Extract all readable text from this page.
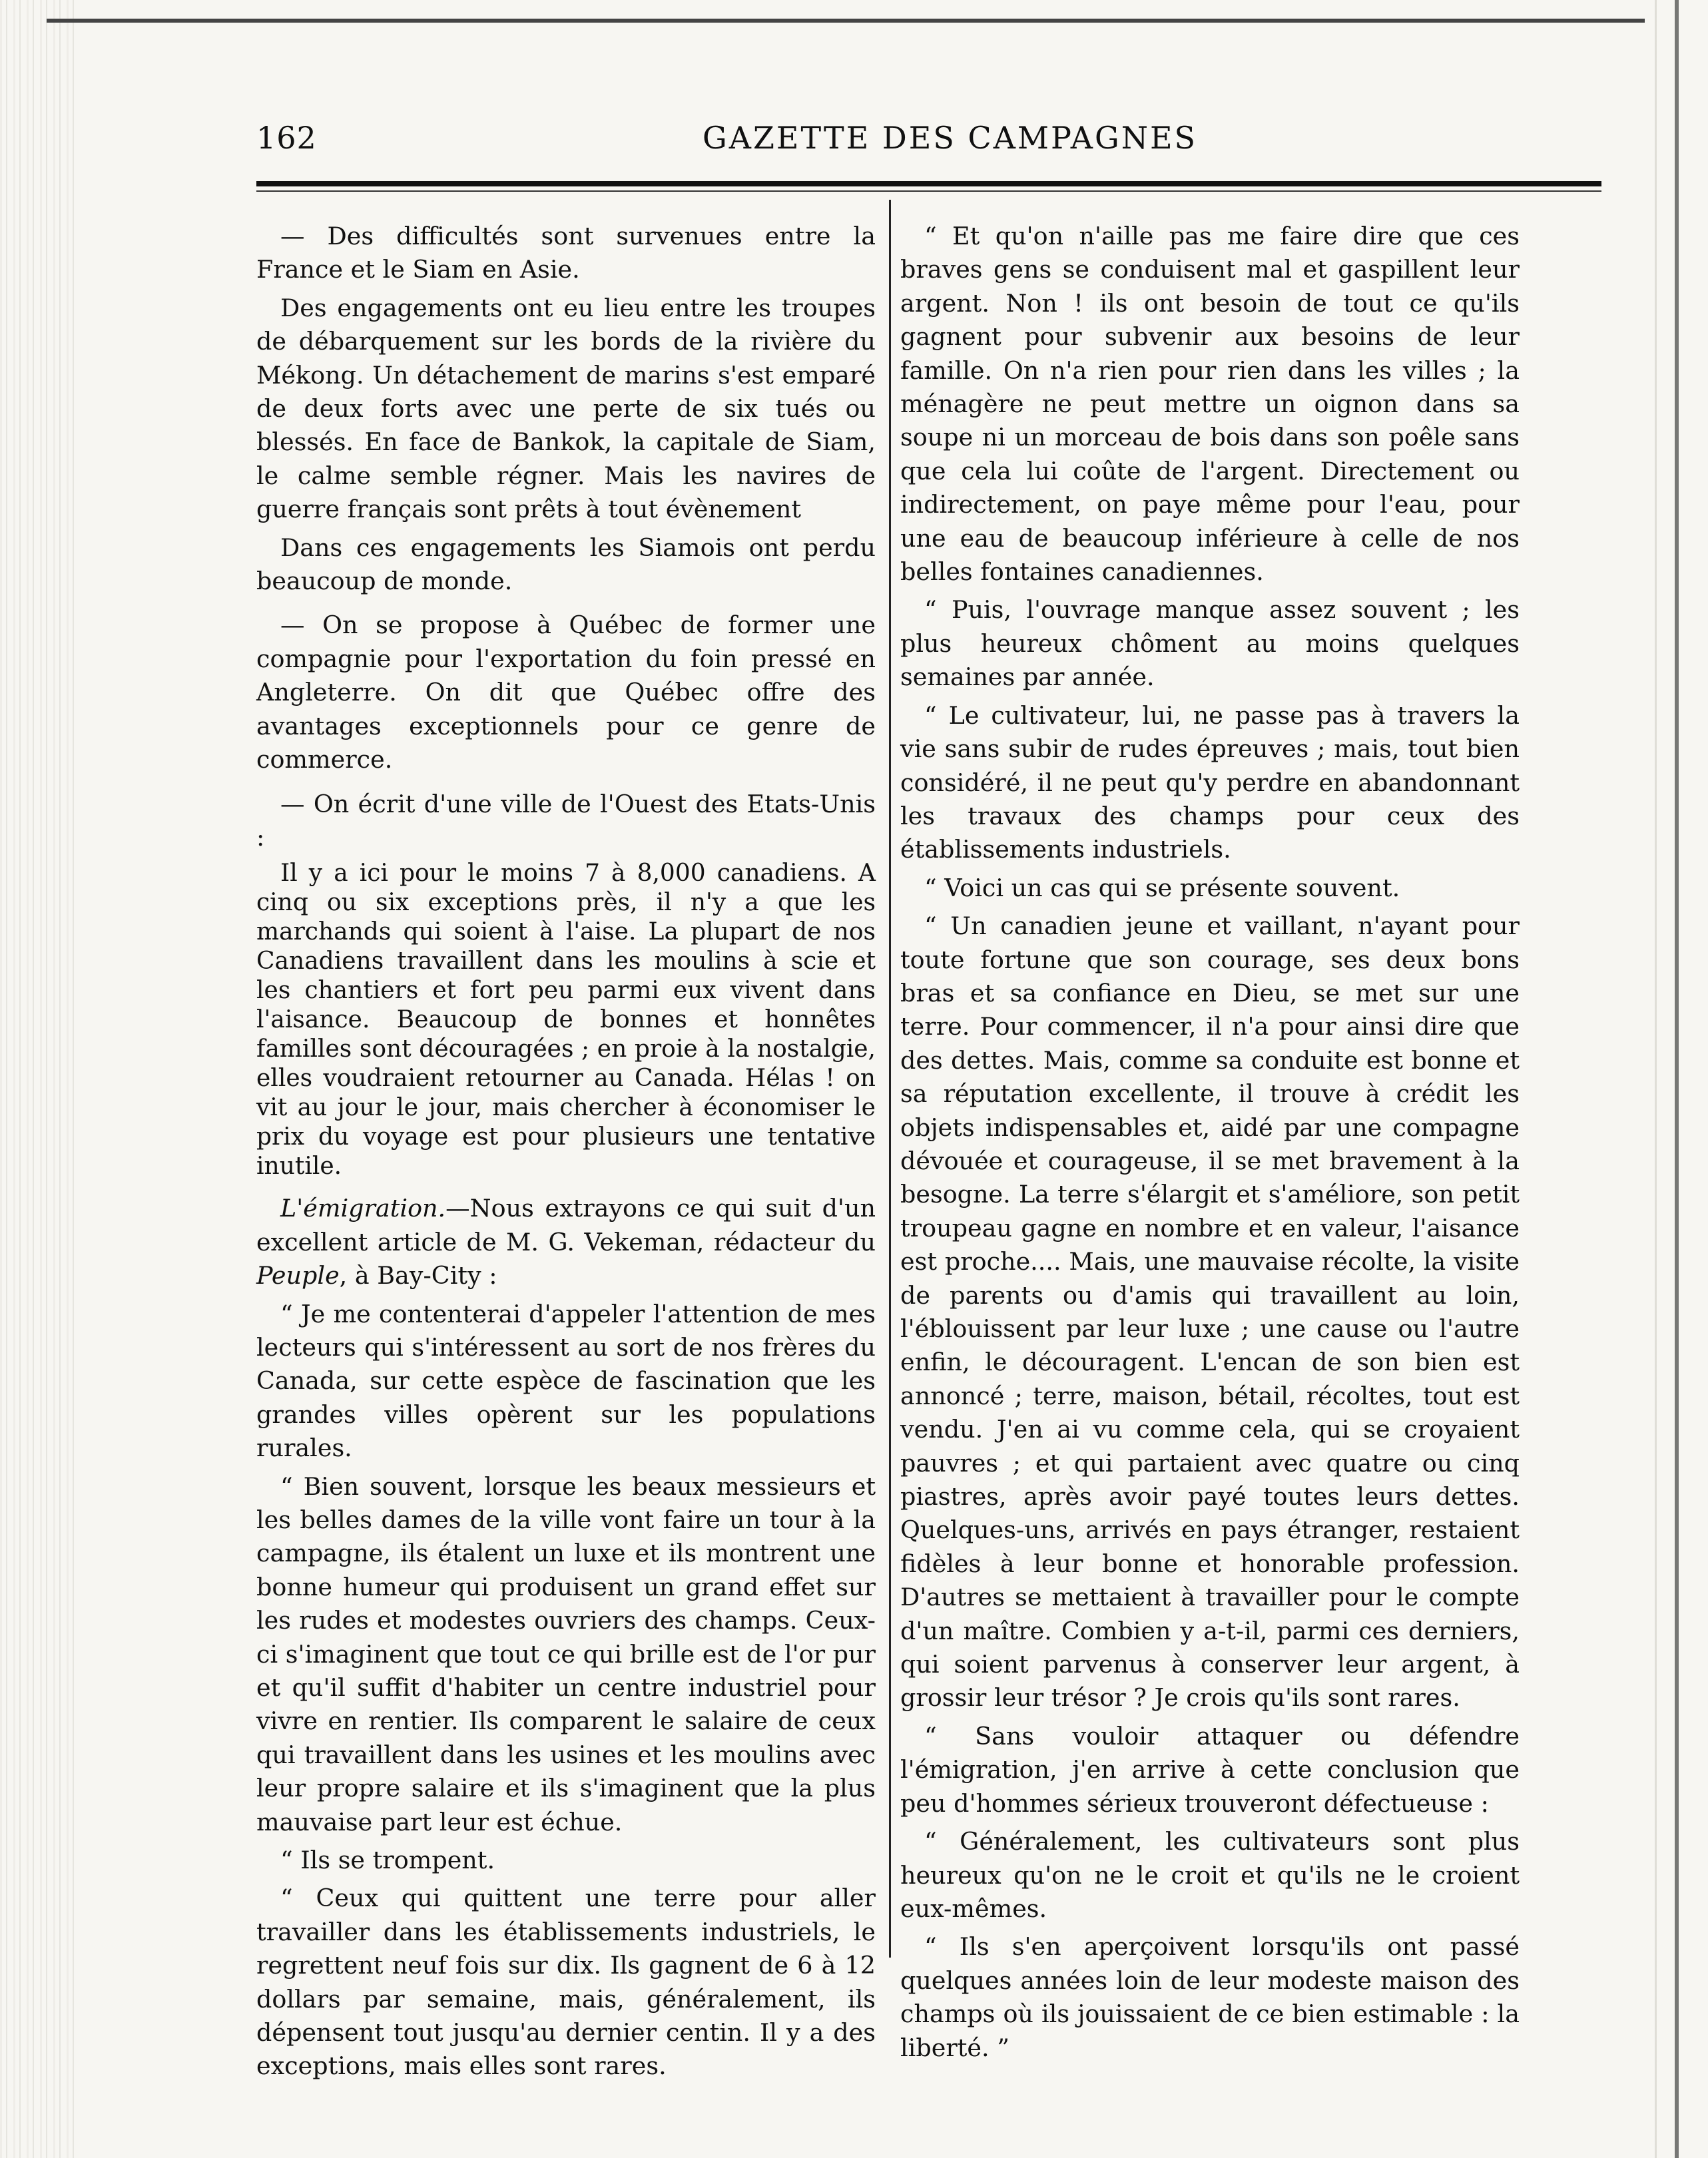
162	GAZETTE DES CAMPAGNES

— Des difficultés sont survenues entre la France et le Siam en Asie.

Des engagements ont eu lieu entre les troupes de débarquement sur les bords de la rivière du Mékong. Un détachement de marins s'est emparé de deux forts avec une perte de six tués ou blessés. En face de Bankok, la capitale de Siam, le calme semble régner. Mais les navires de guerre français sont prêts à tout évènement

Dans ces engagements les Siamois ont perdu beaucoup de monde.

— On se propose à Québec de former une compagnie pour l'exportation du foin pressé en Angleterre. On dit que Québec offre des avantages exceptionnels pour ce genre de commerce.

— On écrit d'une ville de l'Ouest des Etats-Unis :

Il y a ici pour le moins 7 à 8,000 canadiens. A cinq ou six exceptions près, il n'y a que les marchands qui soient à l'aise. La plupart de nos Canadiens travaillent dans les moulins à scie et les chantiers et fort peu parmi eux vivent dans l'aisance. Beaucoup de bonnes et honnêtes familles sont découragées ; en proie à la nostalgie, elles voudraient retourner au Canada. Hélas ! on vit au jour le jour, mais chercher à économiser le prix du voyage est pour plusieurs une tentative inutile.

L'émigration.—Nous extrayons ce qui suit d'un excellent article de M. G. Vekeman, rédacteur du Peuple, à Bay-City :

“ Je me contenterai d'appeler l'attention de mes lecteurs qui s'intéressent au sort de nos frères du Canada, sur cette espèce de fascination que les grandes villes opèrent sur les populations rurales.

“ Bien souvent, lorsque les beaux messieurs et les belles dames de la ville vont faire un tour à la campagne, ils étalent un luxe et ils montrent une bonne humeur qui produisent un grand effet sur les rudes et modestes ouvriers des champs. Ceux-ci s'imaginent que tout ce qui brille est de l'or pur et qu'il suffit d'habiter un centre industriel pour vivre en rentier. Ils comparent le salaire de ceux qui travaillent dans les usines et les moulins avec leur propre salaire et ils s'imaginent que la plus mauvaise part leur est échue.

“ Ils se trompent.

“ Ceux qui quittent une terre pour aller travailler dans les établissements industriels, le regrettent neuf fois sur dix. Ils gagnent de 6 à 12 dollars par semaine, mais, généralement, ils dépensent tout jusqu'au dernier centin. Il y a des exceptions, mais elles sont rares.

“ Et qu'on n'aille pas me faire dire que ces braves gens se conduisent mal et gaspillent leur argent. Non ! ils ont besoin de tout ce qu'ils gagnent pour subvenir aux besoins de leur famille. On n'a rien pour rien dans les villes ; la ménagère ne peut mettre un oignon dans sa soupe ni un morceau de bois dans son poêle sans que cela lui coûte de l'argent. Directement ou indirectement, on paye même pour l'eau, pour une eau de beaucoup inférieure à celle de nos belles fontaines canadiennes.

“ Puis, l'ouvrage manque assez souvent ; les plus heureux chôment au moins quelques semaines par année.

“ Le cultivateur, lui, ne passe pas à travers la vie sans subir de rudes épreuves ; mais, tout bien considéré, il ne peut qu'y perdre en abandonnant les travaux des champs pour ceux des établissements industriels.

“ Voici un cas qui se présente souvent.

“ Un canadien jeune et vaillant, n'ayant pour toute fortune que son courage, ses deux bons bras et sa confiance en Dieu, se met sur une terre. Pour commencer, il n'a pour ainsi dire que des dettes. Mais, comme sa conduite est bonne et sa réputation excellente, il trouve à crédit les objets indispensables et, aidé par une compagne dévouée et courageuse, il se met bravement à la besogne. La terre s'élargit et s'améliore, son petit troupeau gagne en nombre et en valeur, l'aisance est proche.... Mais, une mauvaise récolte, la visite de parents ou d'amis qui travaillent au loin, l'éblouissent par leur luxe ; une cause ou l'autre enfin, le découragent. L'encan de son bien est annoncé ; terre, maison, bétail, récoltes, tout est vendu. J'en ai vu comme cela, qui se croyaient pauvres ; et qui partaient avec quatre ou cinq piastres, après avoir payé toutes leurs dettes. Quelques-uns, arrivés en pays étranger, restaient fidèles à leur bonne et honorable profession. D'autres se mettaient à travailler pour le compte d'un maître. Combien y a-t-il, parmi ces derniers, qui soient parvenus à conserver leur argent, à grossir leur trésor ? Je crois qu'ils sont rares.

“ Sans vouloir attaquer ou défendre l'émigration, j'en arrive à cette conclusion que peu d'hommes sérieux trouveront défectueuse :

“ Généralement, les cultivateurs sont plus heureux qu'on ne le croit et qu'ils ne le croient eux-mêmes.

“ Ils s'en aperçoivent lorsqu'ils ont passé quelques années loin de leur modeste maison des champs où ils jouissaient de ce bien estimable : la liberté. ”
